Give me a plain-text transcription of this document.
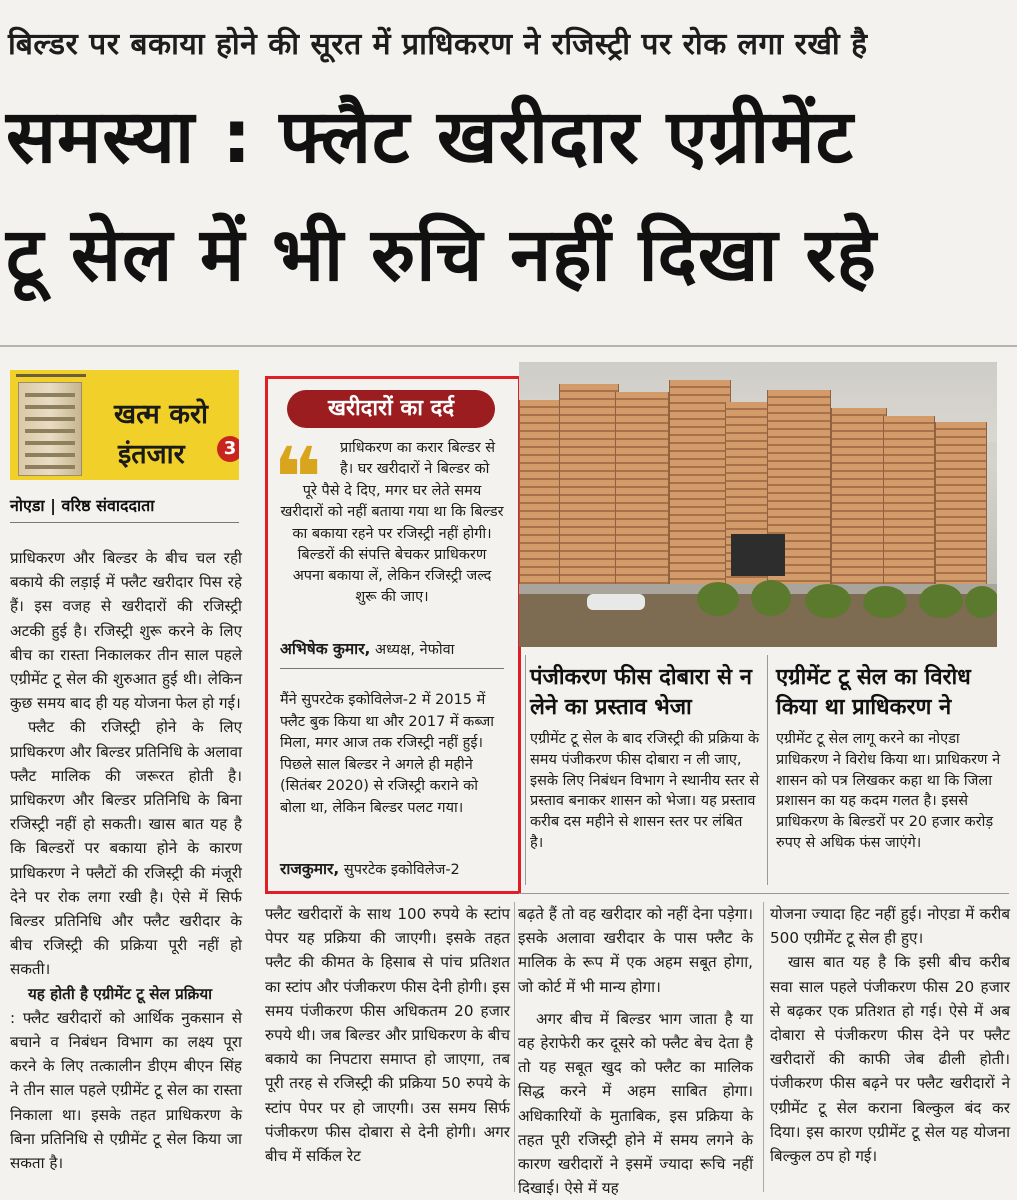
बिल्डर पर बकाया होने की सूरत में प्राधिकरण ने रजिस्ट्री पर रोक लगा रखी है
समस्या : फ्लैट खरीदार एग्रीमेंट
टू सेल में भी रुचि नहीं दिखा रहे
खत्म करो
इंतजार	3
नोएडा | वरिष्ठ संवाददाता

प्राधिकरण और बिल्डर के बीच चल रही बकाये की लड़ाई में फ्लैट खरीदार पिस रहे हैं। इस वजह से खरीदारों की रजिस्ट्री अटकी हुई है। रजिस्ट्री शुरू करने के लिए बीच का रास्ता निकालकर तीन साल पहले एग्रीमेंट टू सेल की शुरुआत हुई थी। लेकिन कुछ समय बाद ही यह योजना फेल हो गई।

फ्लैट की रजिस्ट्री होने के लिए प्राधिकरण और बिल्डर प्रतिनिधि के अलावा फ्लैट मालिक की जरूरत होती है। प्राधिकरण और बिल्डर प्रतिनिधि के बिना रजिस्ट्री नहीं हो सकती। खास बात यह है कि बिल्डरों पर बकाया होने के कारण प्राधिकरण ने फ्लैटों की रजिस्ट्री की मंजूरी देने पर रोक लगा रखी है। ऐसे में सिर्फ बिल्डर प्रतिनिधि और फ्लैट खरीदार के बीच रजिस्ट्री की प्रक्रिया पूरी नहीं हो सकती।

यह होती है एग्रीमेंट टू सेल प्रक्रिया

: फ्लैट खरीदारों को आर्थिक नुकसान से बचाने व निबंधन विभाग का लक्ष्य पूरा करने के लिए तत्कालीन डीएम बीएन सिंह ने तीन साल पहले एग्रीमेंट टू सेल का रास्ता निकाला था। इसके तहत प्राधिकरण के बिना प्रतिनिधि से एग्रीमेंट टू सेल किया जा सकता है।

खरीदारों का दर्द
❝ प्राधिकरण का करार बिल्डर से है। घर खरीदारों ने बिल्डर को
पूरे पैसे दे दिए, मगर घर लेते समय खरीदारों को नहीं बताया गया था कि बिल्डर का बकाया रहने पर रजिस्ट्री नहीं होगी। बिल्डरों की संपत्ति बेचकर प्राधिकरण अपना बकाया लें, लेकिन रजिस्ट्री जल्द शुरू की जाए।
अभिषेक कुमार, अध्यक्ष, नेफोवा
मैंने सुपरटेक इकोविलेज-2 में 2015 में फ्लैट बुक किया था और 2017 में कब्जा मिला, मगर आज तक रजिस्ट्री नहीं हुई। पिछले साल बिल्डर ने अगले ही महीने (सितंबर 2020) से रजिस्ट्री कराने को बोला था, लेकिन बिल्डर पलट गया।
राजकुमार, सुपरटेक इकोविलेज-2
पंजीकरण फीस दोबारा से न लेने का प्रस्ताव भेजा
एग्रीमेंट टू सेल के बाद रजिस्ट्री की प्रक्रिया के समय पंजीकरण फीस दोबारा न ली जाए, इसके लिए निबंधन विभाग ने स्थानीय स्तर से प्रस्ताव बनाकर शासन को भेजा। यह प्रस्ताव करीब दस महीने से शासन स्तर पर लंबित है।
एग्रीमेंट टू सेल का विरोध किया था प्राधिकरण ने
एग्रीमेंट टू सेल लागू करने का नोएडा प्राधिकरण ने विरोध किया था। प्राधिकरण ने शासन को पत्र लिखकर कहा था कि जिला प्रशासन का यह कदम गलत है। इससे प्राधिकरण के बिल्डरों पर 20 हजार करोड़ रुपए से अधिक फंस जाएंगे।
फ्लैट खरीदारों के साथ 100 रुपये के स्टांप पेपर यह प्रक्रिया की जाएगी। इसके तहत फ्लैट की कीमत के हिसाब से पांच प्रतिशत का स्टांप और पंजीकरण फीस देनी होगी। इस समय पंजीकरण फीस अधिकतम 20 हजार रुपये थी। जब बिल्डर और प्राधिकरण के बीच बकाये का निपटारा समाप्त हो जाएगा, तब पूरी तरह से रजिस्ट्री की प्रक्रिया 50 रुपये के स्टांप पेपर पर हो जाएगी। उस समय सिर्फ पंजीकरण फीस दोबारा से देनी होगी। अगर बीच में सर्किल रेट

बढ़ते हैं तो वह खरीदार को नहीं देना पड़ेगा। इसके अलावा खरीदार के पास फ्लैट के मालिक के रूप में एक अहम सबूत होगा, जो कोर्ट में भी मान्य होगा।

अगर बीच में बिल्डर भाग जाता है या वह हेराफेरी कर दूसरे को फ्लैट बेच देता है तो यह सबूत खुद को फ्लैट का मालिक सिद्ध करने में अहम साबित होगा। अधिकारियों के मुताबिक, इस प्रक्रिया के तहत पूरी रजिस्ट्री होने में समय लगने के कारण खरीदारों ने इसमें ज्यादा रूचि नहीं दिखाई। ऐसे में यह

योजना ज्यादा हिट नहीं हुई। नोएडा में करीब 500 एग्रीमेंट टू सेल ही हुए।

खास बात यह है कि इसी बीच करीब सवा साल पहले पंजीकरण फीस 20 हजार से बढ़कर एक प्रतिशत हो गई। ऐसे में अब दोबारा से पंजीकरण फीस देने पर फ्लैट खरीदारों की काफी जेब ढीली होती। पंजीकरण फीस बढ़ने पर फ्लैट खरीदारों ने एग्रीमेंट टू सेल कराना बिल्कुल बंद कर दिया। इस कारण एग्रीमेंट टू सेल यह योजना बिल्कुल ठप हो गई।
